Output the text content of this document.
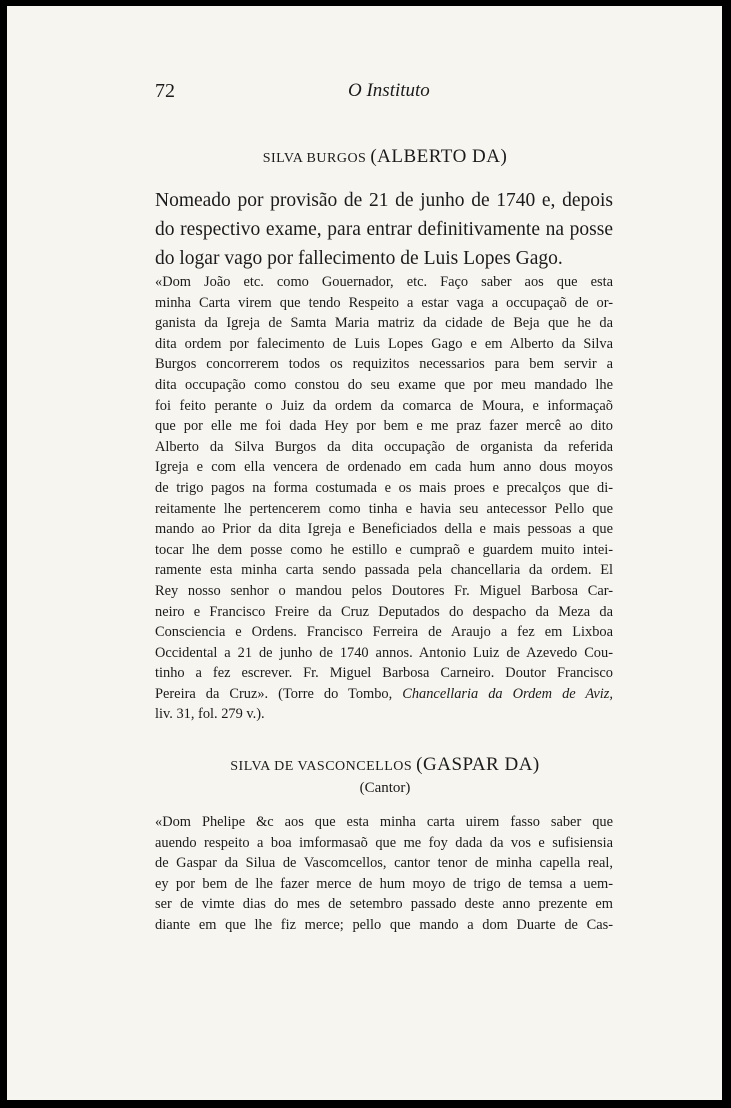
72	O Instituto
SILVA BURGOS (ALBERTO DA)
Nomeado por provisão de 21 de junho de 1740 e, depois
do respectivo exame, para entrar definitivamente na posse
do logar vago por fallecimento de Luis Lopes Gago.
«Dom João etc. como Gouernador, etc. Faço saber aos que esta
minha Carta virem que tendo Respeito a estar vaga a occupaçaõ de or-
ganista da Igreja de Samta Maria matriz da cidade de Beja que he da
dita ordem por falecimento de Luis Lopes Gago e em Alberto da Silva
Burgos concorrerem todos os requizitos necessarios para bem servir a
dita occupação como constou do seu exame que por meu mandado lhe
foi feito perante o Juiz da ordem da comarca de Moura, e informaçaõ
que por elle me foi dada Hey por bem e me praz fazer mercê ao dito
Alberto da Silva Burgos da dita occupação de organista da referida
Igreja e com ella vencera de ordenado em cada hum anno dous moyos
de trigo pagos na forma costumada e os mais proes e precalços que di-
reitamente lhe pertencerem como tinha e havia seu antecessor Pello que
mando ao Prior da dita Igreja e Beneficiados della e mais pessoas a que
tocar lhe dem posse como he estillo e cumpraõ e guardem muito intei-
ramente esta minha carta sendo passada pela chancellaria da ordem. El
Rey nosso senhor o mandou pelos Doutores Fr. Miguel Barbosa Car-
neiro e Francisco Freire da Cruz Deputados do despacho da Meza da
Consciencia e Ordens. Francisco Ferreira de Araujo a fez em Lixboa
Occidental a 21 de junho de 1740 annos. Antonio Luiz de Azevedo Cou-
tinho a fez escrever. Fr. Miguel Barbosa Carneiro. Doutor Francisco
Pereira da Cruz». (Torre do Tombo, Chancellaria da Ordem de Aviz,
liv. 31, fol. 279 v.).
SILVA DE VASCONCELLOS (GASPAR DA)
(Cantor)
«Dom Phelipe &c aos que esta minha carta uirem fasso saber que
auendo respeito a boa imformasaõ que me foy dada da vos e sufisiensia
de Gaspar da Silua de Vascomcellos, cantor tenor de minha capella real,
ey por bem de lhe fazer merce de hum moyo de trigo de temsa a uem-
ser de vimte dias do mes de setembro passado deste anno prezente em
diante em que lhe fiz merce; pello que mando a dom Duarte de Cas-
